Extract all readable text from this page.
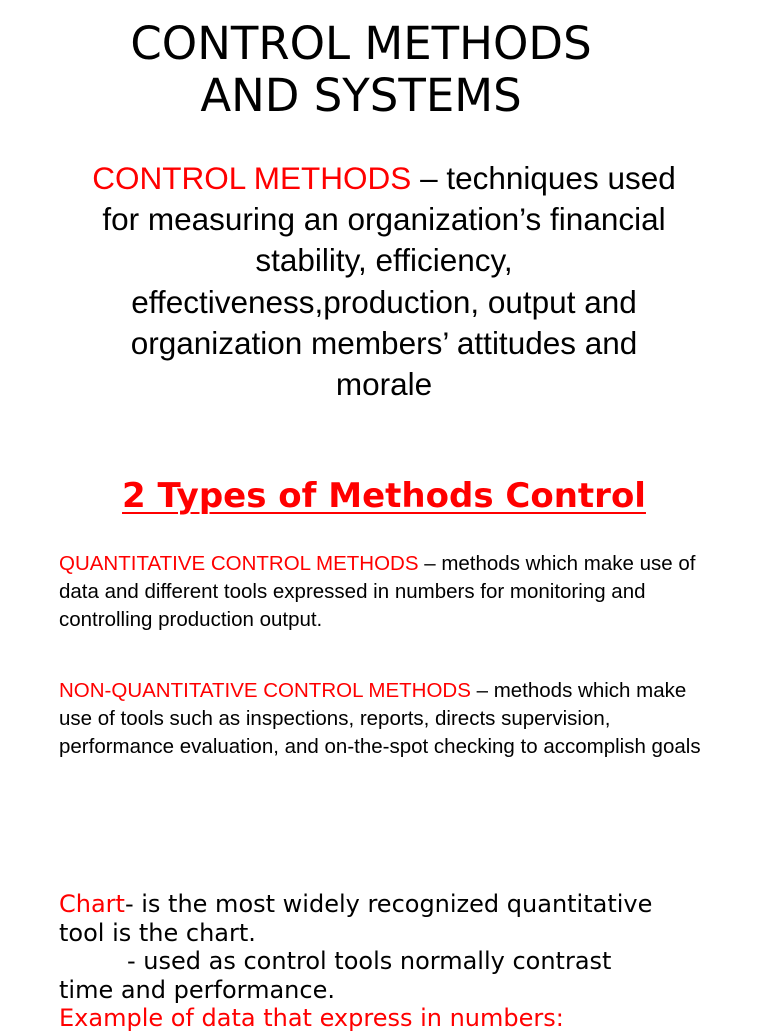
CONTROL METHODS
AND SYSTEMS

CONTROL METHODS – techniques used
for measuring an organization’s financial
stability, efficiency,
effectiveness,production, output and
organization members’ attitudes and
morale

2 Types of Methods Control

QUANTITATIVE CONTROL METHODS – methods which make use of data and different tools expressed in numbers for monitoring and controlling production output.

NON-QUANTITATIVE CONTROL METHODS – methods which make use of tools such as inspections, reports, directs supervision, performance evaluation, and on-the-spot checking to accomplish goals

Chart- is the most widely recognized quantitative
tool is the chart.
- used as control tools normally contrast
time and performance.
Example of data that express in numbers:
